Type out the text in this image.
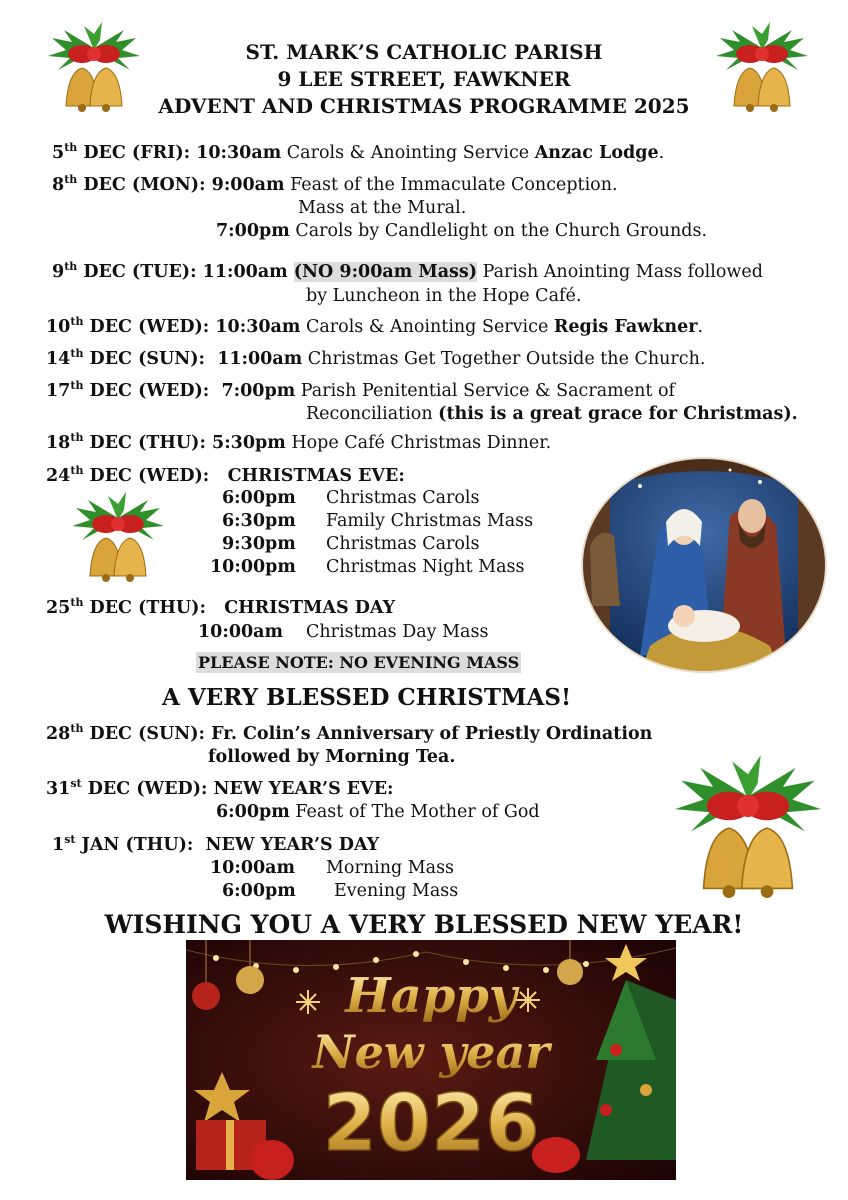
ST. MARK’S CATHOLIC PARISH
9 LEE STREET, FAWKNER
ADVENT AND CHRISTMAS PROGRAMME 2025
5th DEC (FRI): 10:30am Carols & Anointing Service Anzac Lodge.
8th DEC (MON): 9:00am Feast of the Immaculate Conception.
Mass at the Mural.
7:00pm Carols by Candlelight on the Church Grounds.
9th DEC (TUE): 11:00am (NO 9:00am Mass) Parish Anointing Mass followed
by Luncheon in the Hope Café.
10th DEC (WED): 10:30am Carols & Anointing Service Regis Fawkner.
14th DEC (SUN): 11:00am Christmas Get Together Outside the Church.
17th DEC (WED): 7:00pm Parish Penitential Service & Sacrament of
Reconciliation (this is a great grace for Christmas).
18th DEC (THU): 5:30pm Hope Café Christmas Dinner.
24th DEC (WED): CHRISTMAS EVE:
6:00pm Christmas Carols
6:30pm Family Christmas Mass
9:30pm Christmas Carols
10:00pm Christmas Night Mass
25th DEC (THU): CHRISTMAS DAY
10:00am Christmas Day Mass
PLEASE NOTE: NO EVENING MASS
A VERY BLESSED CHRISTMAS!
28th DEC (SUN): Fr. Colin’s Anniversary of Priestly Ordination
followed by Morning Tea.
31st DEC (WED): NEW YEAR’S EVE:
6:00pm Feast of The Mother of God
1st JAN (THU): NEW YEAR’S DAY
10:00am Morning Mass
6:00pm Evening Mass
WISHING YOU A VERY BLESSED NEW YEAR!
Happy
New year
2026
